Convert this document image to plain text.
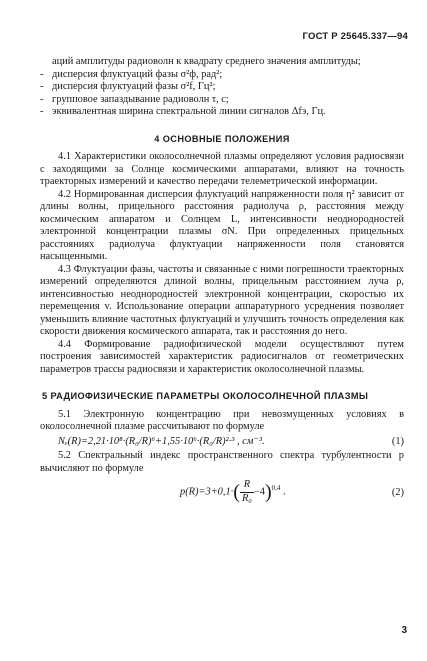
ГОСТ Р 25645.337—94
аций амплитуды радиоволн к квадрату среднего значения амплитуды;
- дисперсия флуктуаций фазы σ²ф, рад²;
- дисперсия флуктуаций фазы σ²f, Гц²;
- групповое запаздывание радиоволн τ, с;
- эквивалентная ширина спектральной линии сигналов Δfэ, Гц.
4 ОСНОВНЫЕ ПОЛОЖЕНИЯ

4.1 Характеристики околосолнечной плазмы определяют условия радиосвязи с заходящими за Солнце космическими аппаратами, влияют на точность траекторных измерений и качество передачи телеметрической информации.

4.2 Нормированная дисперсия флуктуаций напряженности поля η² зависит от длины волны, прицельного расстояния радиолуча ρ, расстояния между космическим аппаратом и Солнцем L, интенсивности неоднородностей электронной концентрации плазмы σN. При определенных прицельных расстояниях радиолуча флуктуации напряженности поля становятся насыщенными.

4.3 Флуктуации фазы, частоты и связанные с ними погрешности траекторных измерений определяются длиной волны, прицельным расстоянием луча ρ, интенсивностью неоднородностей электронной концентрации, скоростью их перемещения v. Использование операции аппаратурного усреднения позволяет уменьшить влияние частотных флуктуаций и улучшить точность определения как скорости движения космического аппарата, так и расстояния до него.

4.4 Формирование радиофизической модели осуществляют путем построения зависимостей характеристик радиосигналов от геометрических параметров трассы радиосвязи и характеристик околосолнечной плазмы.

5 РАДИОФИЗИЧЕСКИЕ ПАРАМЕТРЫ ОКОЛОСОЛНЕЧНОЙ ПЛАЗМЫ

5.1 Электронную концентрацию при невозмущенных условиях в околосолнечной плазме рассчитывают по формуле

Nₑ(R)=2,21·10⁸·(R₀/R)⁶+1,55·10⁶·(R₀/R)²·³ , см⁻³.	(1)

5.2 Спектральный индекс пространственного спектра турбулентности p вычисляют по формуле

$p(R)=3+0,1\cdot( \frac{R}{\text{R₀}} -4)^{0,4}$ .	(2)
3
